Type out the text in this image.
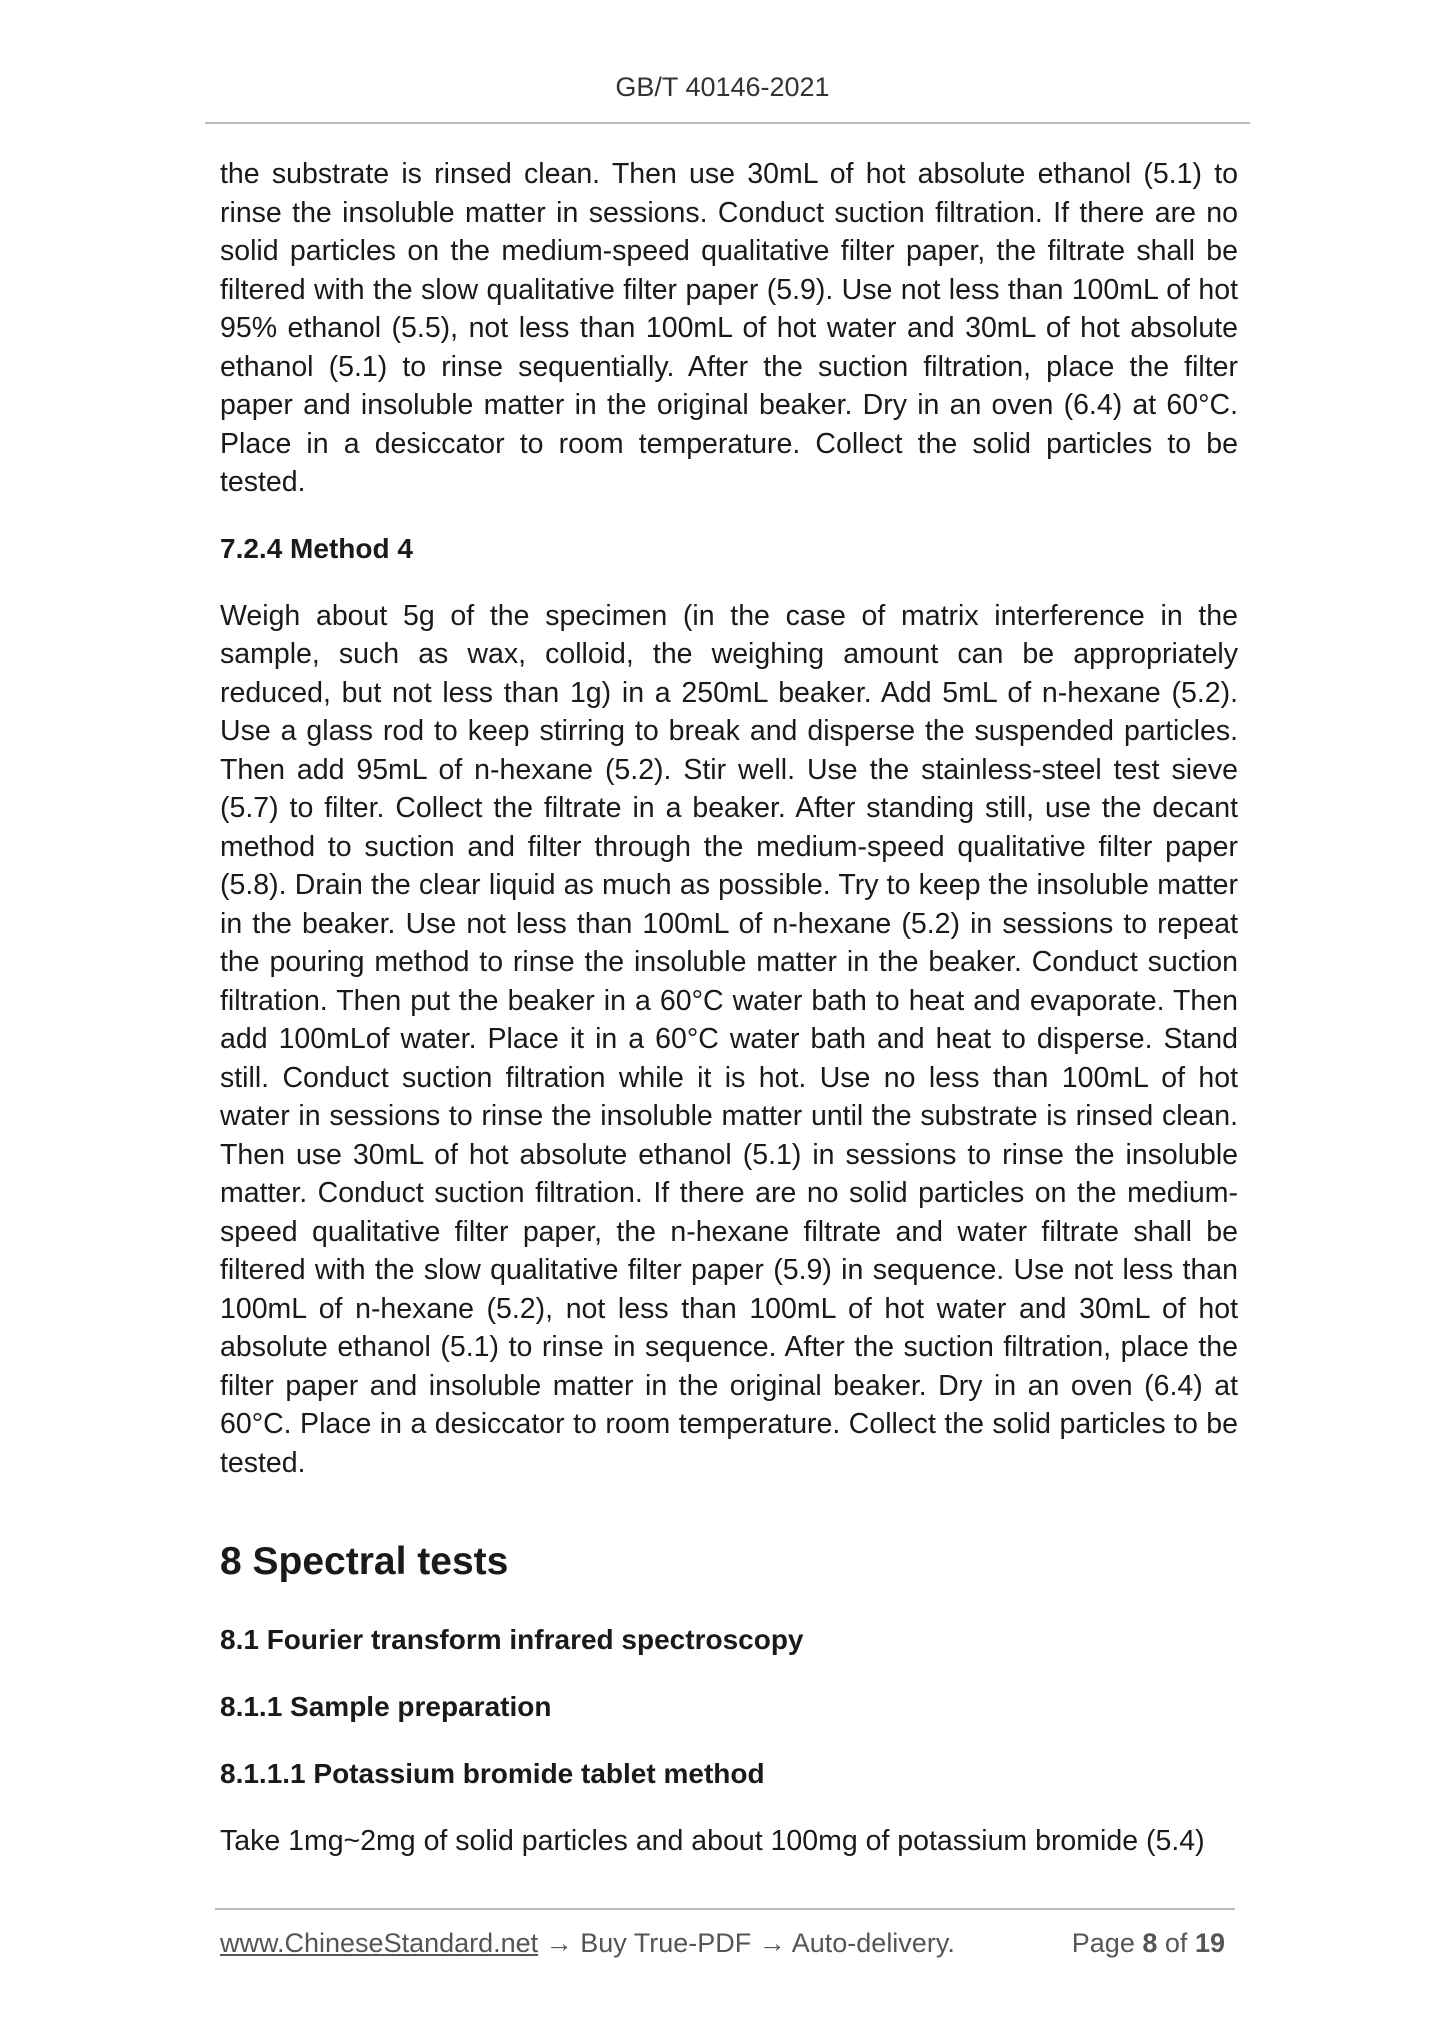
GB/T 40146-2021

the substrate is rinsed clean. Then use 30mL of hot absolute ethanol (5.1) to rinse the insoluble matter in sessions. Conduct suction filtration. If there are no solid particles on the medium-speed qualitative filter paper, the filtrate shall be filtered with the slow qualitative filter paper (5.9). Use not less than 100mL of hot 95% ethanol (5.5), not less than 100mL of hot water and 30mL of hot absolute ethanol (5.1) to rinse sequentially. After the suction filtration, place the filter paper and insoluble matter in the original beaker. Dry in an oven (6.4) at 60°C. Place in a desiccator to room temperature. Collect the solid particles to be tested.

7.2.4 Method 4

Weigh about 5g of the specimen (in the case of matrix interference in the sample, such as wax, colloid, the weighing amount can be appropriately reduced, but not less than 1g) in a 250mL beaker. Add 5mL of n-hexane (5.2). Use a glass rod to keep stirring to break and disperse the suspended particles. Then add 95mL of n-hexane (5.2). Stir well. Use the stainless-steel test sieve (5.7) to filter. Collect the filtrate in a beaker. After standing still, use the decant method to suction and filter through the medium-speed qualitative filter paper (5.8). Drain the clear liquid as much as possible. Try to keep the insoluble matter in the beaker. Use not less than 100mL of n-hexane (5.2) in sessions to repeat the pouring method to rinse the insoluble matter in the beaker. Conduct suction filtration. Then put the beaker in a 60°C water bath to heat and evaporate. Then add 100mLof water. Place it in a 60°C water bath and heat to disperse. Stand still. Conduct suction filtration while it is hot. Use no less than 100mL of hot water in sessions to rinse the insoluble matter until the substrate is rinsed clean. Then use 30mL of hot absolute ethanol (5.1) in sessions to rinse the insoluble matter. Conduct suction filtration. If there are no solid particles on the medium-speed qualitative filter paper, the n-hexane filtrate and water filtrate shall be filtered with the slow qualitative filter paper (5.9) in sequence. Use not less than 100mL of n-hexane (5.2), not less than 100mL of hot water and 30mL of hot absolute ethanol (5.1) to rinse in sequence. After the suction filtration, place the filter paper and insoluble matter in the original beaker. Dry in an oven (6.4) at 60°C. Place in a desiccator to room temperature. Collect the solid particles to be tested.

8 Spectral tests

8.1 Fourier transform infrared spectroscopy

8.1.1 Sample preparation

8.1.1.1 Potassium bromide tablet method

Take 1mg~2mg of solid particles and about 100mg of potassium bromide (5.4)

www.ChineseStandard.net → Buy True-PDF → Auto-delivery.	Page 8 of 19
